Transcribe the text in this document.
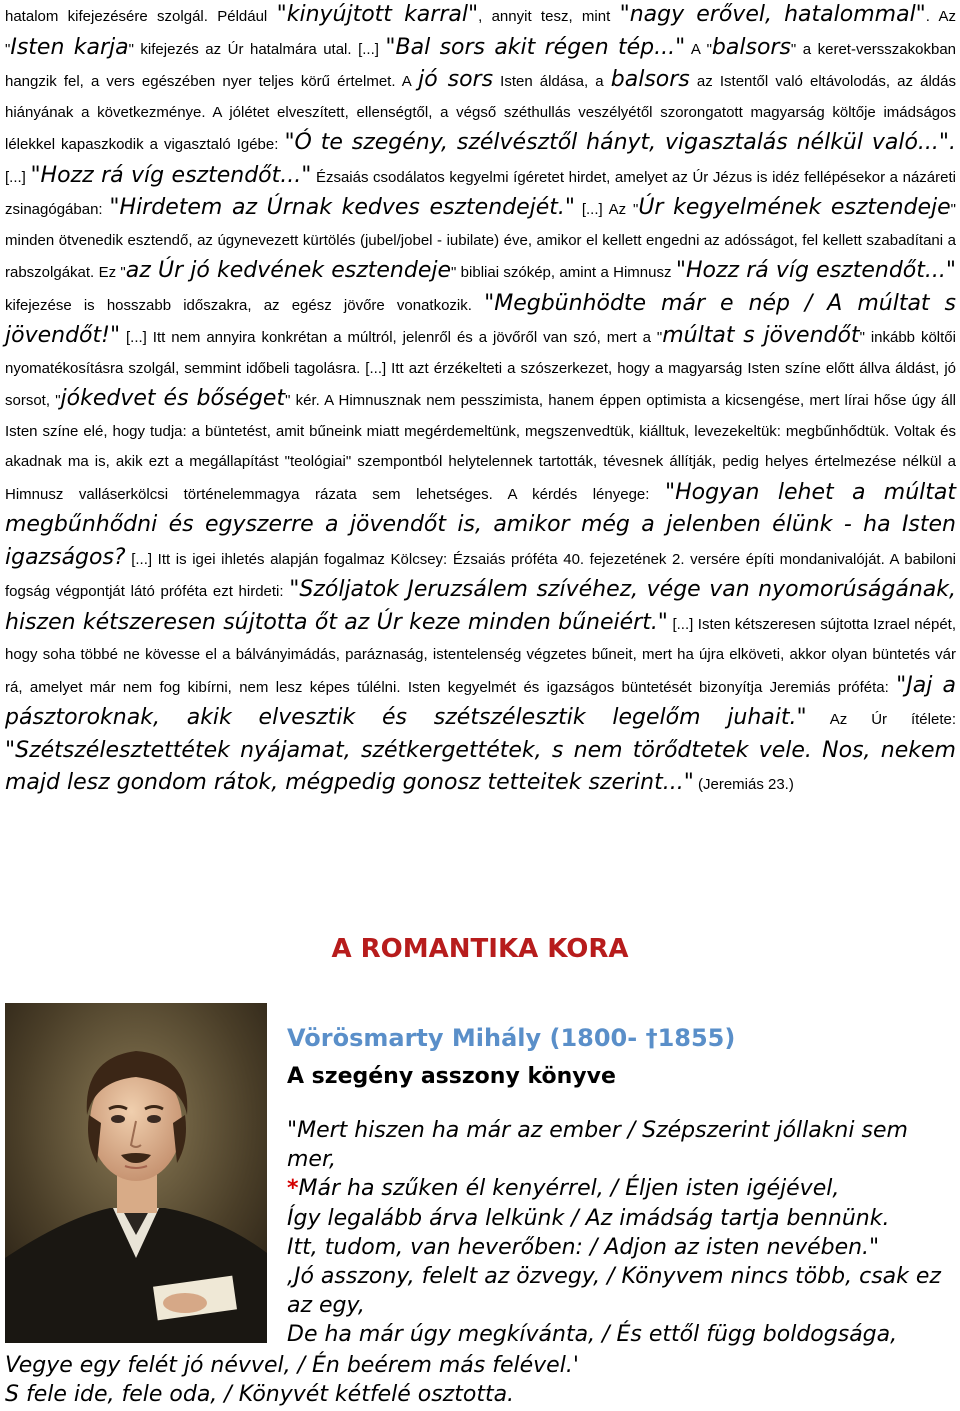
hatalom kifejezésére szolgál. Például "kinyújtott karral", annyit tesz, mint "nagy erővel, hatalommal". Az "Isten karja" kifejezés az Úr hatalmára utal. [...] "Bal sors akit régen tép..." A "balsors" a keret-versszakokban hangzik fel, a vers egészében nyer teljes körű értelmet. A jó sors Isten áldása, a balsors az Istentől való eltávolodás, az áldás hiányának a következménye. A jólétet elveszített, ellenségtől, a végső széthullás veszélyétől szorongatott magyarság költője imádságos lélekkel kapaszkodik a vigasztaló Igébe: "Ó te szegény, szélvésztől hányt, vigasztalás nélkül való...". [...] "Hozz rá víg esztendőt..." Ézsaiás csodálatos kegyelmi ígéretet hirdet, amelyet az Úr Jézus is idéz fellépésekor a názáreti zsinagógában: "Hirdetem az Úrnak kedves esztendejét." [...] Az "Úr kegyelmének esztendeje" minden ötvenedik esztendő, az úgynevezett kürtölés (jubel/jobel - iubilate) éve, amikor el kellett engedni az adósságot, fel kellett szabadítani a rabszolgákat. Ez "az Úr jó kedvének esztendeje" bibliai szókép, amint a Himnusz "Hozz rá víg esztendőt..." kifejezése is hosszabb időszakra, az egész jövőre vonatkozik. "Megbünhödte már e nép / A múltat s jövendőt!" [...] Itt nem annyira konkrétan a múltról, jelenről és a jövőről van szó, mert a "múltat s jövendőt" inkább költői nyomatékosításra szolgál, semmint időbeli tagolásra. [...] Itt azt érzékelteti a szószerkezet, hogy a magyarság Isten színe előtt állva áldást, jó sorsot, "jókedvet és bőséget" kér. A Himnusznak nem pesszimista, hanem éppen optimista a kicsengése, mert lírai hőse úgy áll Isten színe elé, hogy tudja: a büntetést, amit bűneink miatt megérdemeltünk, megszenvedtük, kiálltuk, levezekeltük: megbűnhődtük. Voltak és akadnak ma is, akik ezt a megállapítást "teológiai" szempontból helytelennek tartották, tévesnek állítják, pedig helyes értelmezése nélkül a Himnusz valláserkölcsi történelemmagya rázata sem lehetséges. A kérdés lényege: "Hogyan lehet a múltat megbűnhődni és egyszerre a jövendőt is, amikor még a jelenben élünk - ha Isten igazságos? [...] Itt is igei ihletés alapján fogalmaz Kölcsey: Ézsaiás próféta 40. fejezetének 2. versére építi mondanivalóját. A babiloni fogság végpontját látó próféta ezt hirdeti: "Szóljatok Jeruzsálem szívéhez, vége van nyomorúságának, hiszen kétszeresen sújtotta őt az Úr keze minden bűneiért." [...] Isten kétszeresen sújtotta Izrael népét, hogy soha többé ne kövesse el a bálványimádás, paráznaság, istentelenség végzetes bűneit, mert ha újra elköveti, akkor olyan büntetés vár rá, amelyet már nem fog kibírni, nem lesz képes túlélni. Isten kegyelmét és igazságos büntetését bizonyítja Jeremiás próféta: "Jaj a pásztoroknak, akik elvesztik és szétszélesztik legelőm juhait." Az Úr ítélete: "Szétszélesztettétek nyájamat, szétkergettétek, s nem törődtetek vele. Nos, nekem majd lesz gondom rátok, mégpedig gonosz tetteitek szerint..." (Jeremiás 23.)
A ROMANTIKA KORA
Vörösmarty Mihály (1800- †1855)
A szegény asszony könyve
"Mert hiszen ha már az ember / Szépszerint jóllakni sem mer,
*Már ha szűken él kenyérrel, / Éljen isten igéjével,
Így legalább árva lelkünk / Az imádság tartja bennünk.
Itt, tudom, van heverőben: / Adjon az isten nevében."
‚Jó asszony, felelt az özvegy, / Könyvem nincs több, csak ez az egy,
De ha már úgy megkívánta, / És ettől függ boldogsága,
Vegye egy felét jó névvel, / Én beérem más felével.'
S fele ide, fele oda, / Könyvét kétfelé osztotta.
